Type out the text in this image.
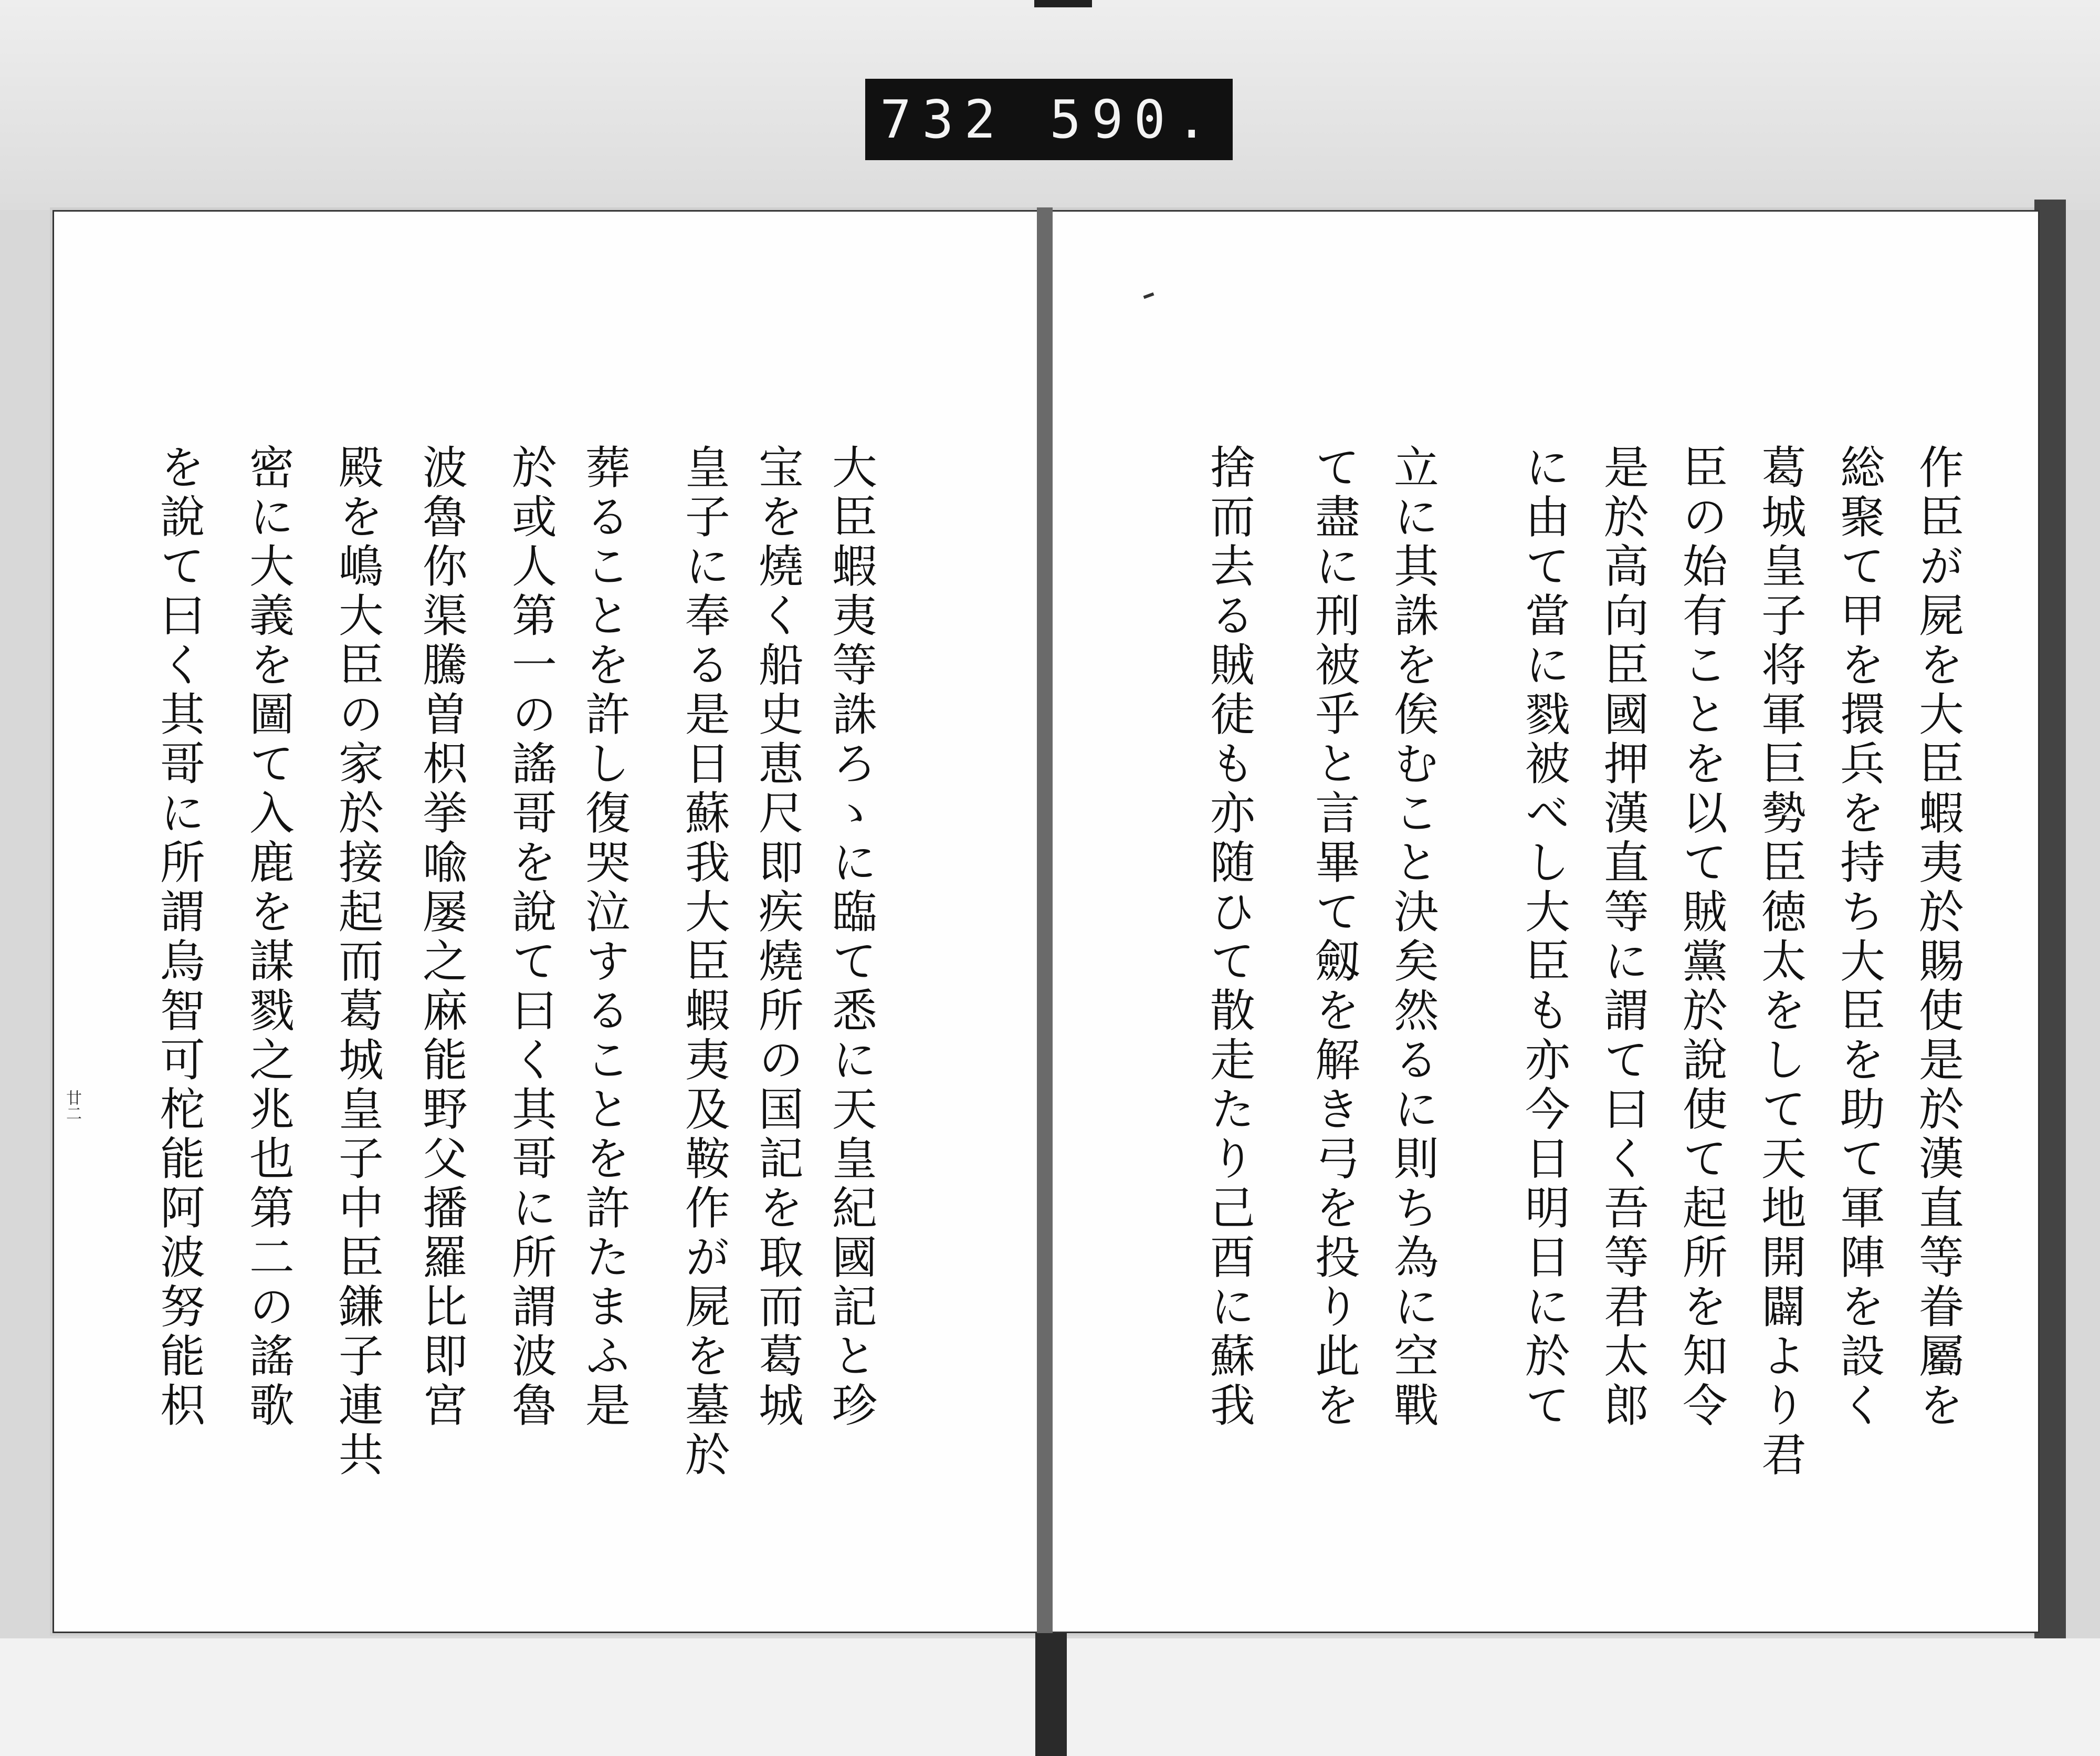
732 590.
作臣が屍を大臣蝦夷於賜使是於漢直等眷屬を
総聚て甲を擐兵を持ち大臣を助て軍陣を設く
葛城皇子将軍巨勢臣徳太をして天地開闢より君
臣の始有ことを以て賊黨於說使て起所を知令
是於高向臣國押漢直等に謂て曰く吾等君太郎
に由て當に戮被べし大臣も亦今日明日に於て
立に其誅を俟むこと決矣然るに則ち為に空戰
て盡に刑被乎と言畢て劔を解き弓を投り此を
捨而去る賊徒も亦随ひて散走たり己酉に蘇我
大臣蝦夷等誅ろゝに臨て悉に天皇紀國記と珍
宝を燒く船史恵尺即疾燒所の国記を取而葛城
皇子に奉る是日蘇我大臣蝦夷及鞍作が屍を墓於
葬ることを許し復哭泣することを許たまふ是
於或人第一の謠哥を說て曰く其哥に所謂波魯
波魯你渠騰曽枳挙喩屡之麻能野父播羅比即宮
殿を嶋大臣の家於接起而葛城皇子中臣鎌子連共
密に大義を圖て入鹿を謀戮之兆也第二の謠歌
を說て曰く其哥に所謂烏智可柁能阿波努能枳
廿二
